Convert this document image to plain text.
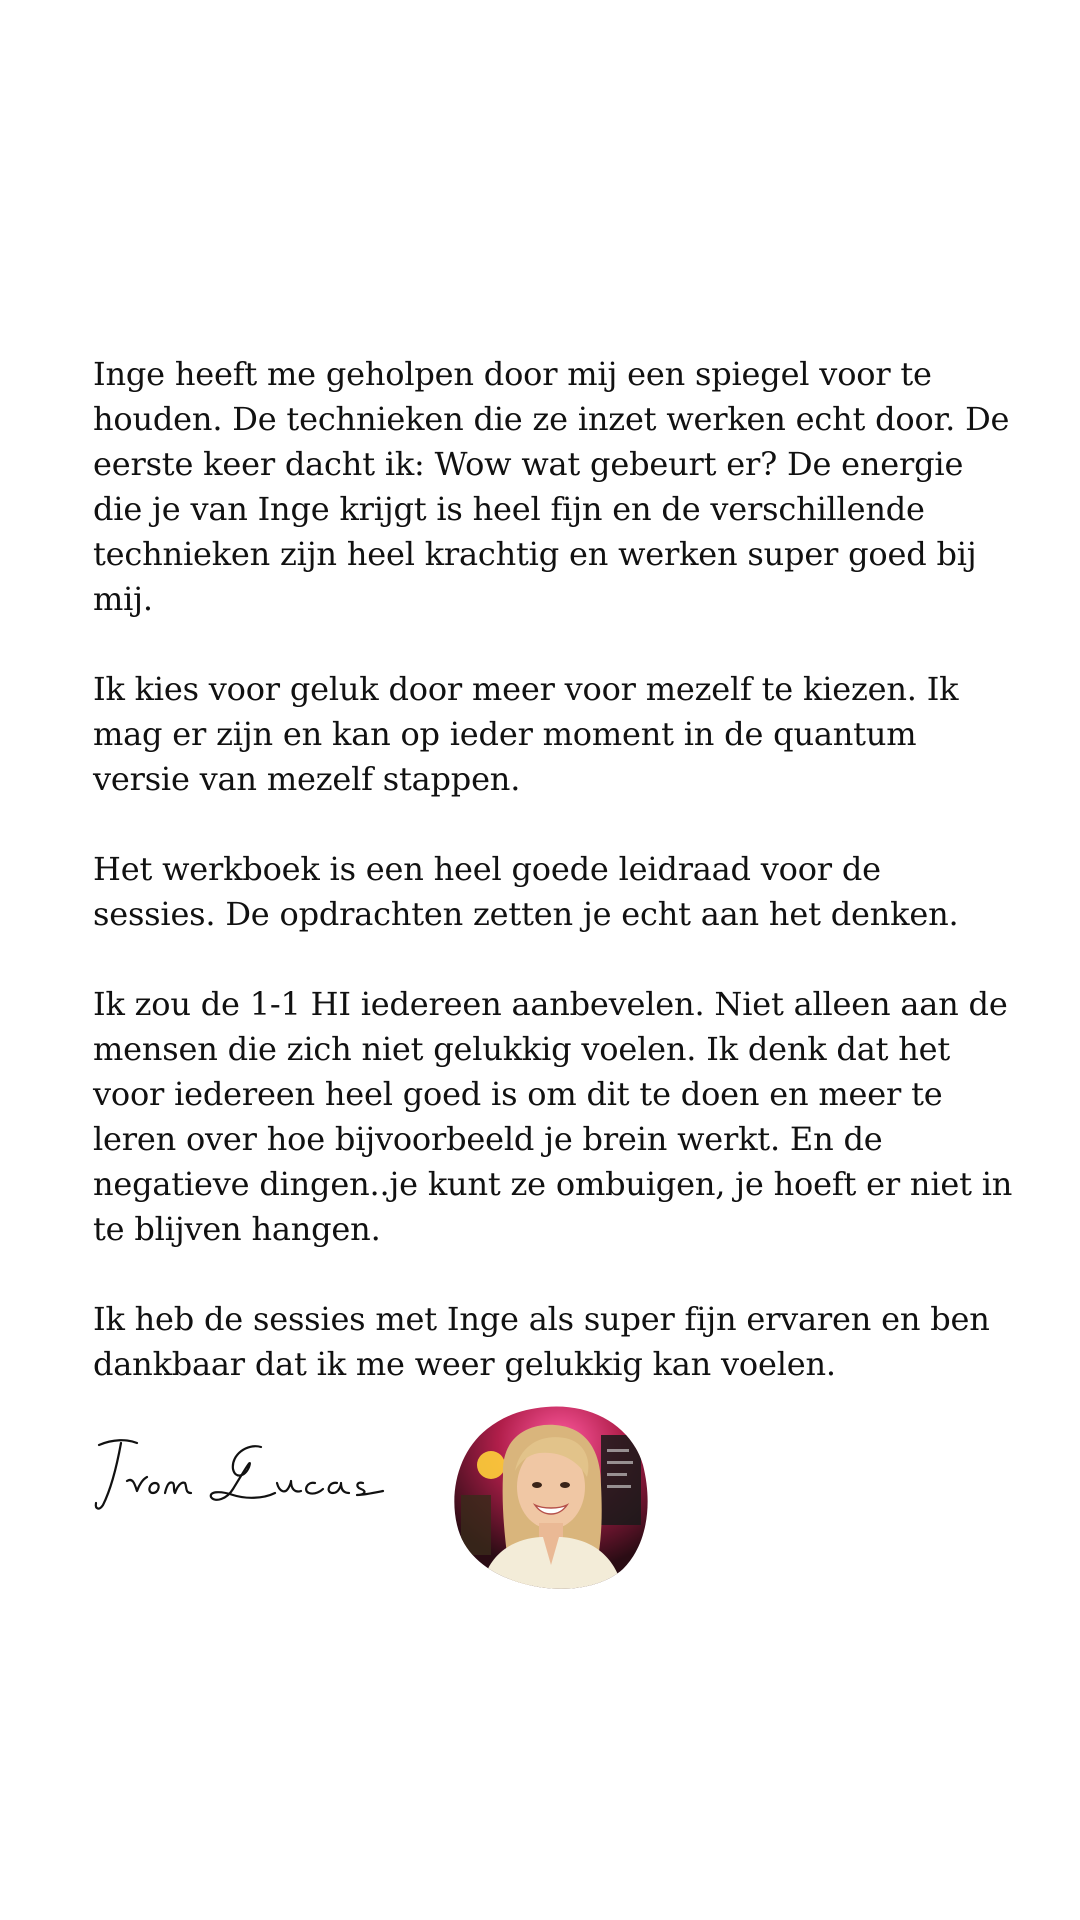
Inge heeft me geholpen door mij een spiegel voor te houden. De technieken die ze inzet werken echt door. De eerste keer dacht ik: Wow wat gebeurt er? De energie die je van Inge krijgt is heel fijn en de verschillende technieken zijn heel krachtig en werken super goed bij mij.

Ik kies voor geluk door meer voor mezelf te kiezen. Ik mag er zijn en kan op ieder moment in de quantum versie van mezelf stappen.

Het werkboek is een heel goede leidraad voor de sessies. De opdrachten zetten je echt aan het denken.

Ik zou de 1-1 HI iedereen aanbevelen. Niet alleen aan de mensen die zich niet gelukkig voelen. Ik denk dat het voor iedereen heel goed is om dit te doen en meer te leren over hoe bijvoorbeeld je brein werkt. En de negatieve dingen..je kunt ze ombuigen, je hoeft er niet in te blijven hangen.

Ik heb de sessies met Inge als super fijn ervaren en ben dankbaar dat ik me weer gelukkig kan voelen.
